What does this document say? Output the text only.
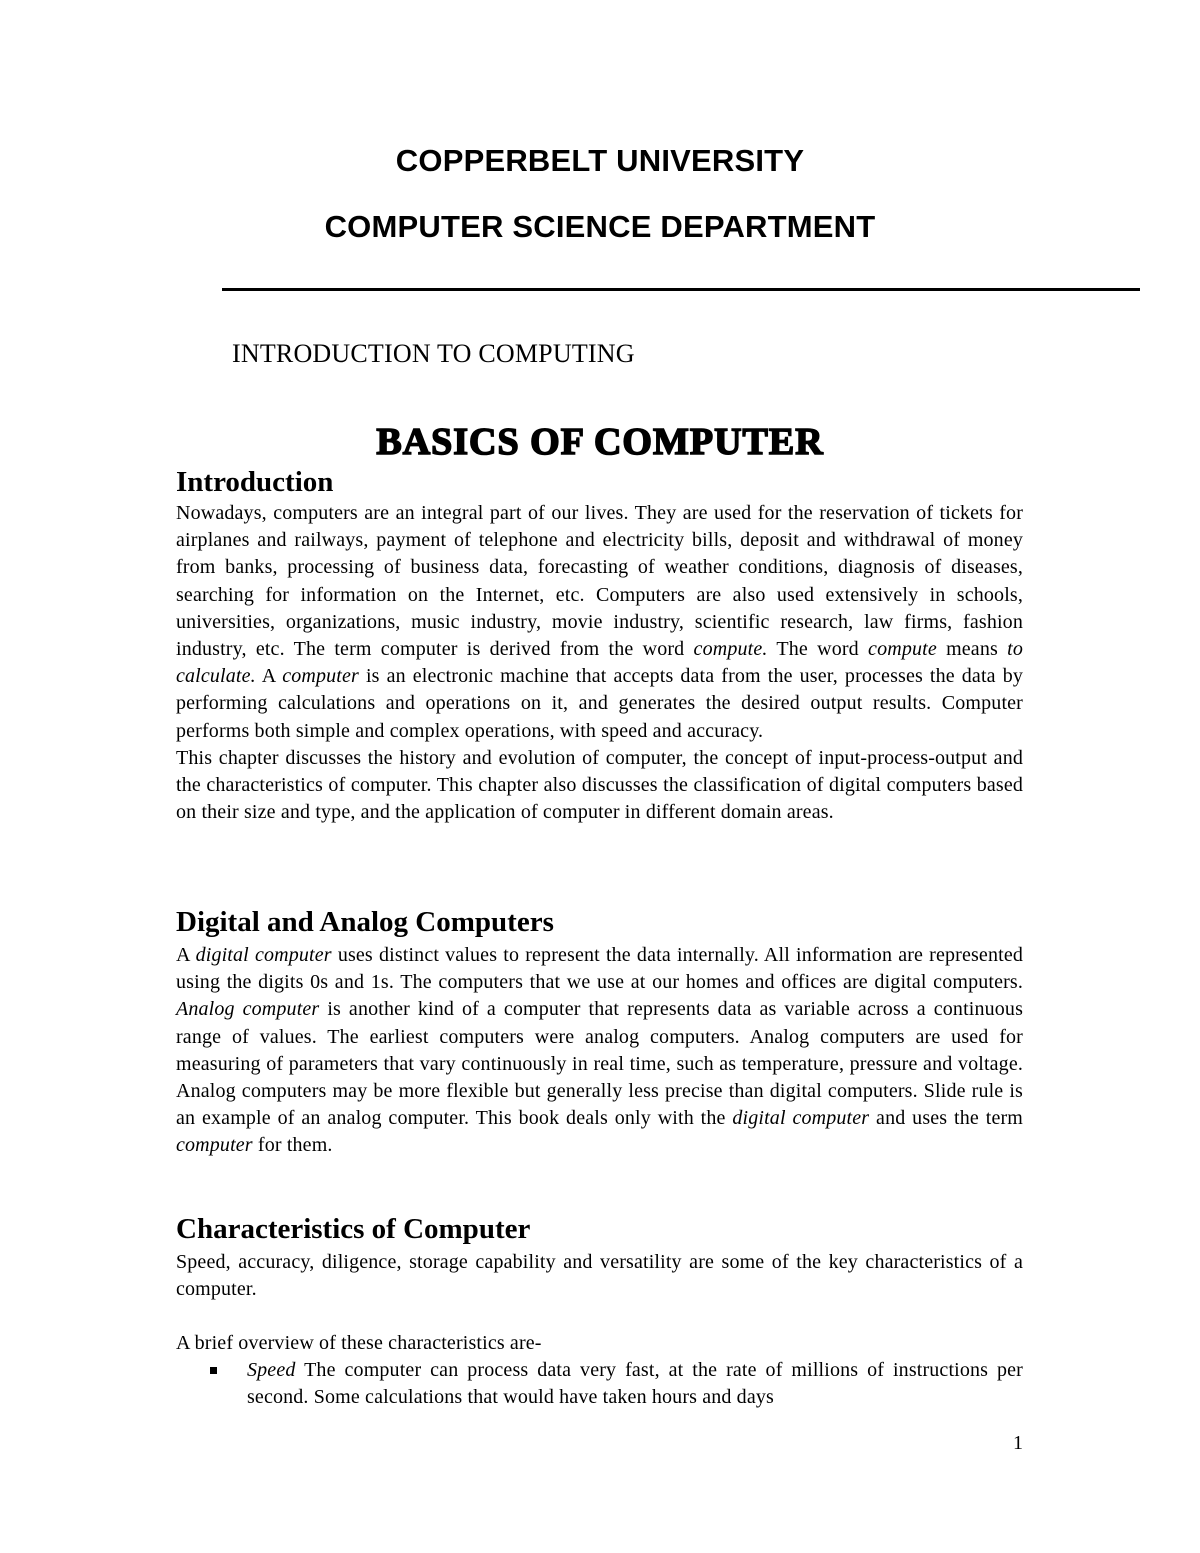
COPPERBELT UNIVERSITY
COMPUTER SCIENCE DEPARTMENT
INTRODUCTION TO COMPUTING
BASICS OF COMPUTER
Introduction

Nowadays, computers are an integral part of our lives. They are used for the reservation of tickets for airplanes and railways, payment of telephone and electricity bills, deposit and withdrawal of money from banks, processing of business data, forecasting of weather conditions, diagnosis of diseases, searching for information on the Internet, etc. Computers are also used extensively in schools, universities, organizations, music industry, movie industry, scientific research, law firms, fashion industry, etc. The term computer is derived from the word compute. The word compute means to calculate. A computer is an electronic machine that accepts data from the user, processes the data by performing calculations and operations on it, and generates the desired output results. Computer performs both simple and complex operations, with speed and accuracy.

This chapter discusses the history and evolution of computer, the concept of input-process-output and the characteristics of computer. This chapter also discusses the classification of digital computers based on their size and type, and the application of computer in different domain areas.

Digital and Analog Computers

A digital computer uses distinct values to represent the data internally. All information are represented using the digits 0s and 1s. The computers that we use at our homes and offices are digital computers. Analog computer is another kind of a computer that represents data as variable across a continuous range of values. The earliest computers were analog computers. Analog computers are used for measuring of parameters that vary continuously in real time, such as temperature, pressure and voltage. Analog computers may be more flexible but generally less precise than digital computers. Slide rule is an example of an analog computer. This book deals only with the digital computer and uses the term computer for them.

Characteristics of Computer
Speed, accuracy, diligence, storage capability and versatility are some of the key characteristics of a computer.
A brief overview of these characteristics are-
Speed The computer can process data very fast, at the rate of millions of instructions per second. Some calculations that would have taken hours and days
1
